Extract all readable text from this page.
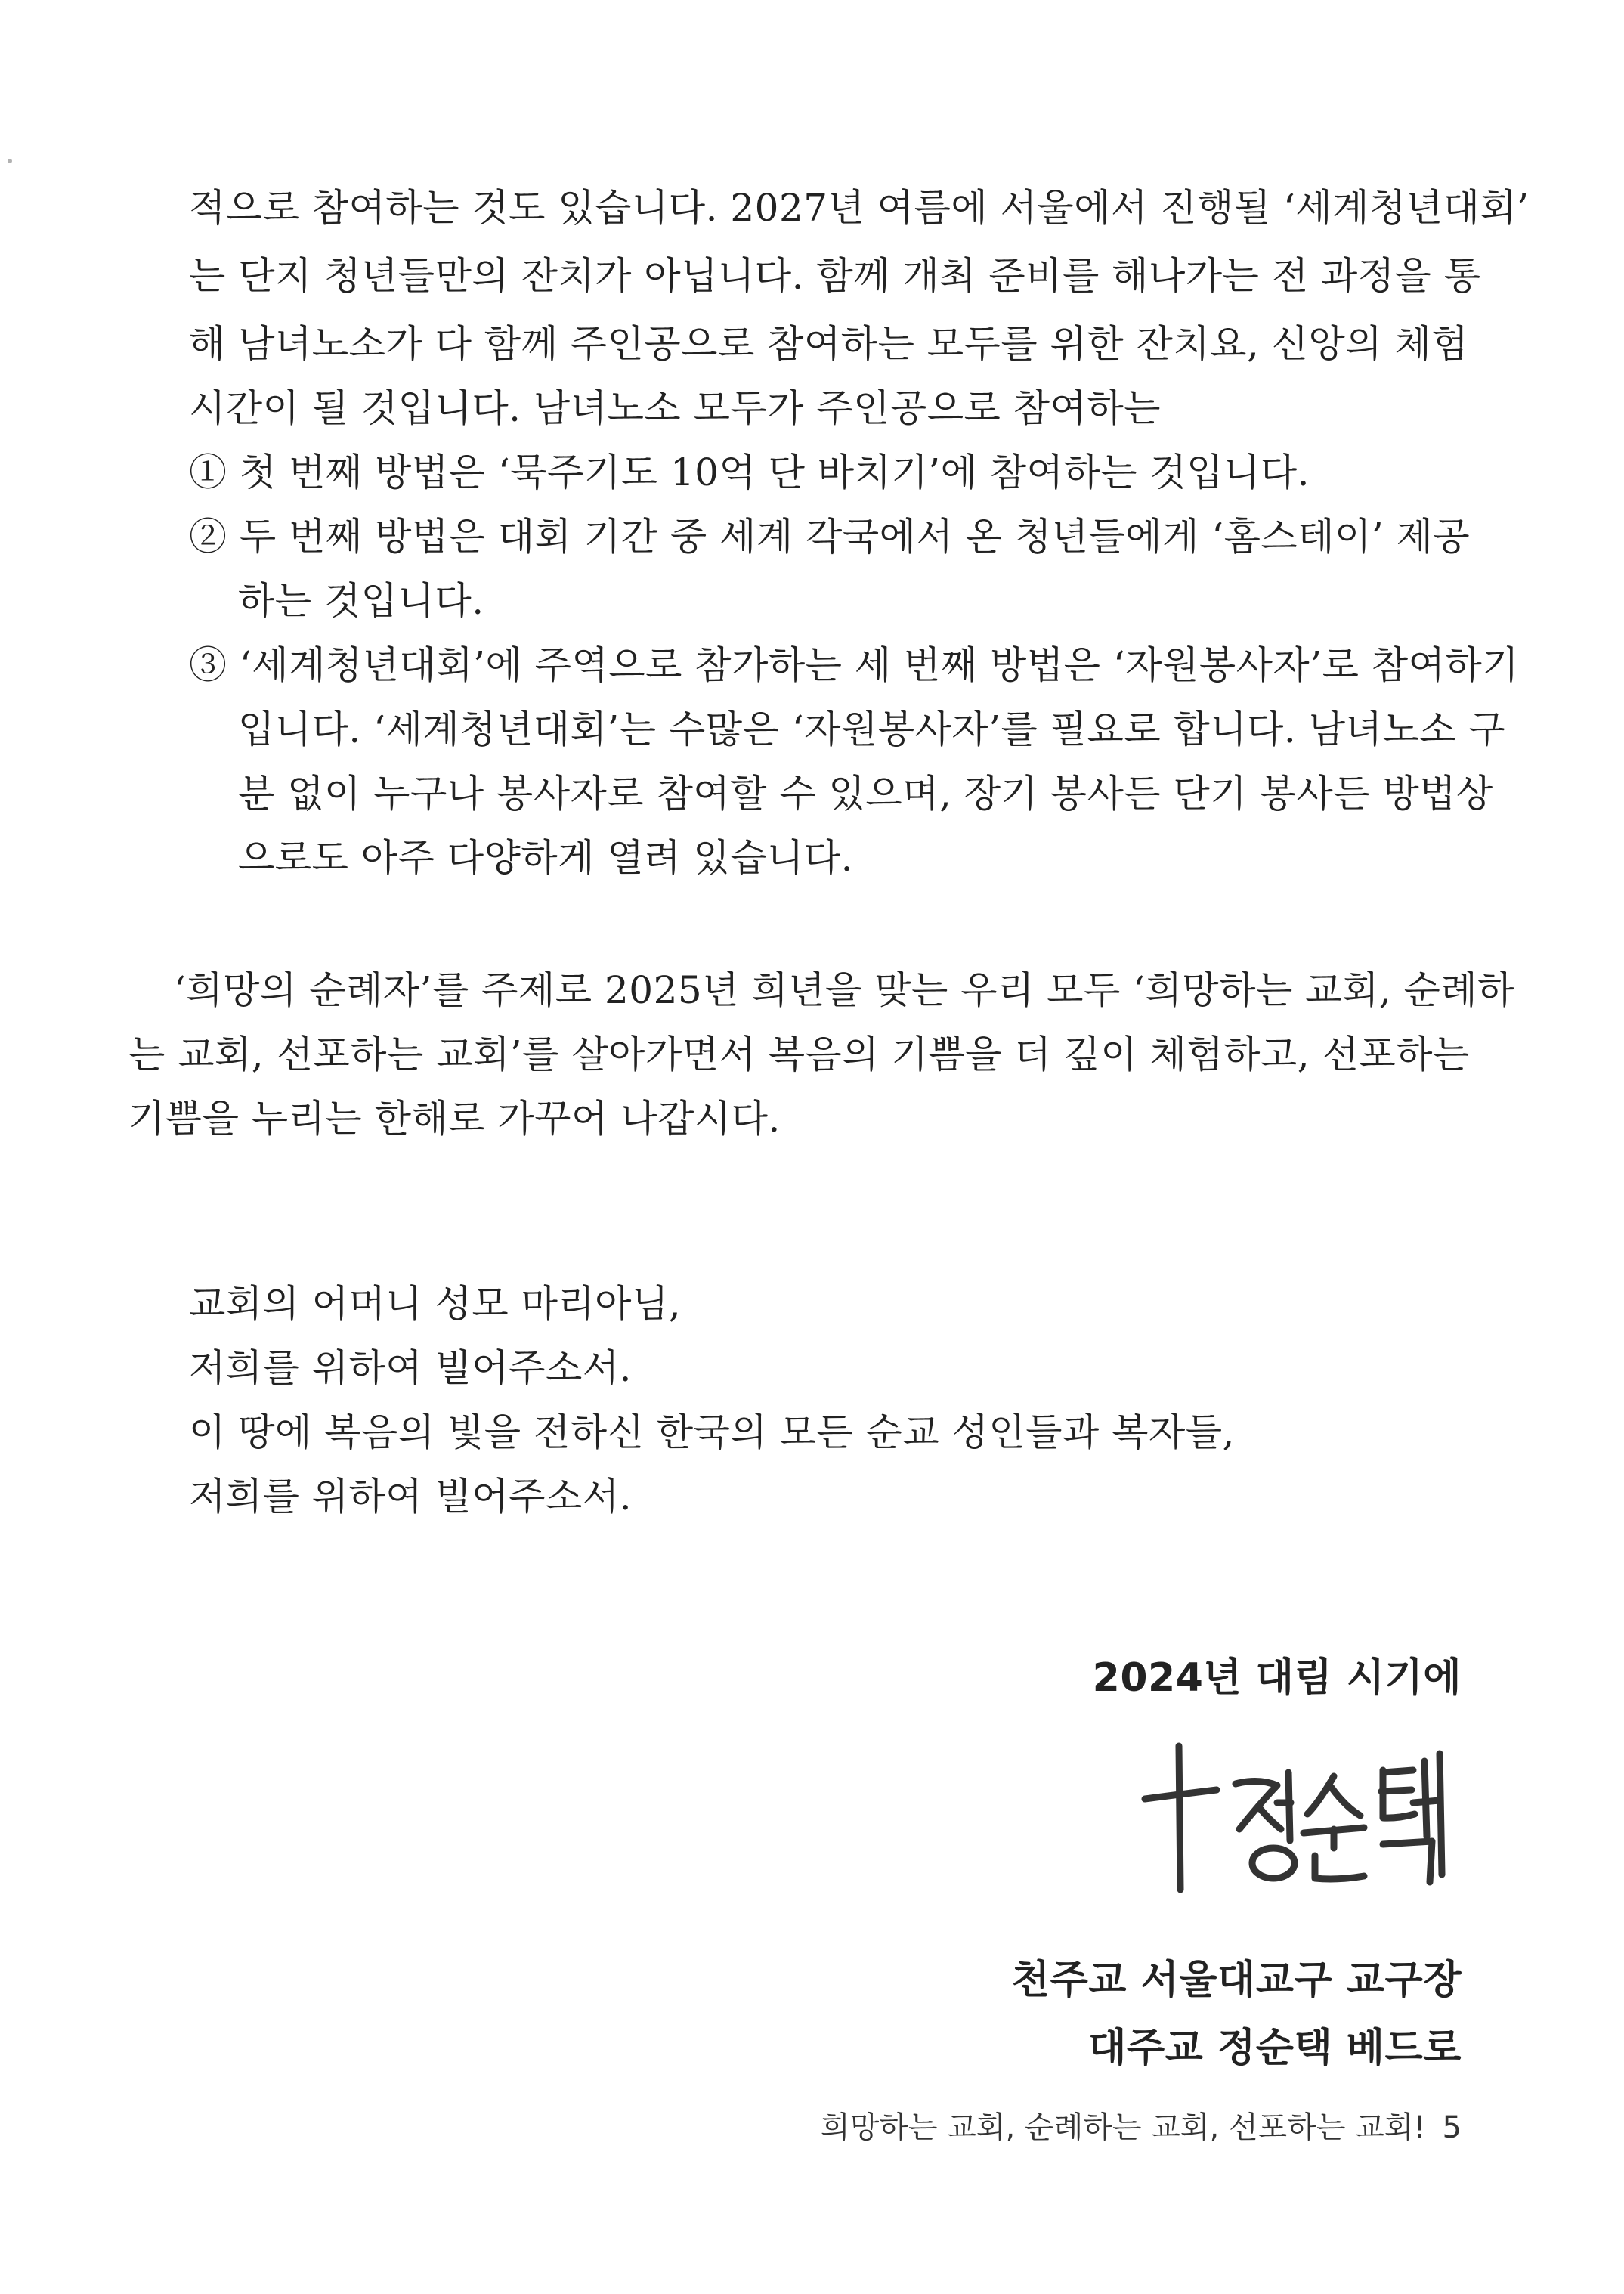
적으로 참여하는 것도 있습니다. 2027년 여름에 서울에서 진행될 ‘세계청년대회’
는 단지 청년들만의 잔치가 아닙니다. 함께 개최 준비를 해나가는 전 과정을 통
해 남녀노소가 다 함께 주인공으로 참여하는 모두를 위한 잔치요, 신앙의 체험
시간이 될 것입니다. 남녀노소 모두가 주인공으로 참여하는
① 첫 번째 방법은 ‘묵주기도 10억 단 바치기’에 참여하는 것입니다.
② 두 번째 방법은 대회 기간 중 세계 각국에서 온 청년들에게 ‘홈스테이’ 제공
하는 것입니다.
③ ‘세계청년대회’에 주역으로 참가하는 세 번째 방법은 ‘자원봉사자’로 참여하기
입니다. ‘세계청년대회’는 수많은 ‘자원봉사자’를 필요로 합니다. 남녀노소 구
분 없이 누구나 봉사자로 참여할 수 있으며, 장기 봉사든 단기 봉사든 방법상
으로도 아주 다양하게 열려 있습니다.
‘희망의 순례자’를 주제로 2025년 희년을 맞는 우리 모두 ‘희망하는 교회, 순례하
는 교회, 선포하는 교회’를 살아가면서 복음의 기쁨을 더 깊이 체험하고, 선포하는
기쁨을 누리는 한해로 가꾸어 나갑시다.
교회의 어머니 성모 마리아님,
저희를 위하여 빌어주소서.
이 땅에 복음의 빛을 전하신 한국의 모든 순교 성인들과 복자들,
저희를 위하여 빌어주소서.
2024년 대림 시기에
천주교 서울대교구 교구장
대주교 정순택 베드로
희망하는 교회, 순례하는 교회, 선포하는 교회! 5
